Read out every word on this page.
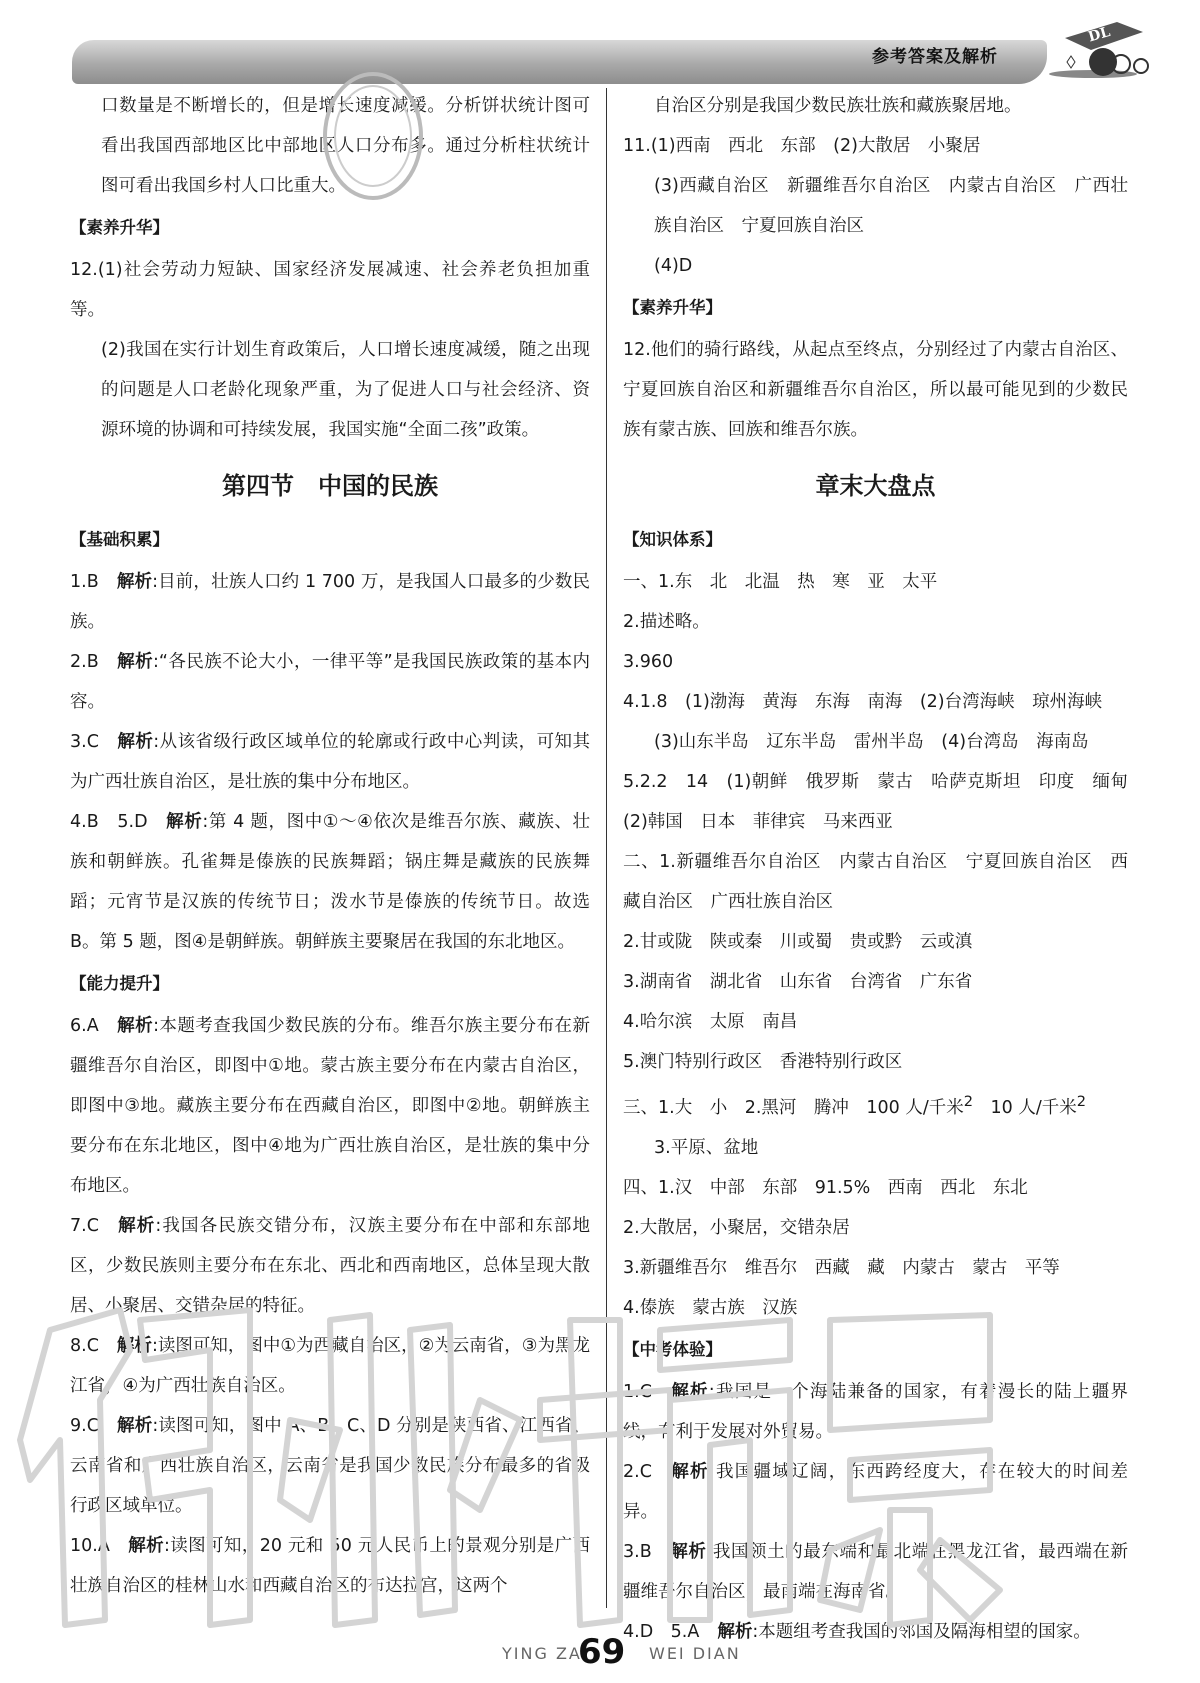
参考答案及解析
DL

口数量是不断增长的，但是增长速度减缓。分析饼状统计图可看出我国西部地区比中部地区人口分布多。通过分析柱状统计图可看出我国乡村人口比重大。

【素养升华】

12.(1)社会劳动力短缺、国家经济发展减速、社会养老负担加重等。

(2)我国在实行计划生育政策后，人口增长速度减缓，随之出现的问题是人口老龄化现象严重，为了促进人口与社会经济、资源环境的协调和可持续发展，我国实施“全面二孩”政策。

第四节　中国的民族

【基础积累】

1.B 解析:目前，壮族人口约 1 700 万，是我国人口最多的少数民族。

2.B 解析:“各民族不论大小，一律平等”是我国民族政策的基本内容。

3.C 解析:从该省级行政区域单位的轮廓或行政中心判读，可知其为广西壮族自治区，是壮族的集中分布地区。

4.B　5.D 解析:第 4 题，图中①～④依次是维吾尔族、藏族、壮族和朝鲜族。孔雀舞是傣族的民族舞蹈；锅庄舞是藏族的民族舞蹈；元宵节是汉族的传统节日；泼水节是傣族的传统节日。故选 B。第 5 题，图④是朝鲜族。朝鲜族主要聚居在我国的东北地区。

【能力提升】

6.A 解析:本题考查我国少数民族的分布。维吾尔族主要分布在新疆维吾尔自治区，即图中①地。蒙古族主要分布在内蒙古自治区，即图中③地。藏族主要分布在西藏自治区，即图中②地。朝鲜族主要分布在东北地区，图中④地为广西壮族自治区，是壮族的集中分布地区。

7.C 解析:我国各民族交错分布，汉族主要分布在中部和东部地区，少数民族则主要分布在东北、西北和西南地区，总体呈现大散居、小聚居、交错杂居的特征。

8.C 解析:读图可知，图中①为西藏自治区，②为云南省，③为黑龙江省，④为广西壮族自治区。

9.C 解析:读图可知，图中 A、B、C、D 分别是陕西省、江西省、云南省和广西壮族自治区，云南省是我国少数民族分布最多的省级行政区域单位。

10.A 解析:读图可知，20 元和 50 元人民币上的景观分别是广西壮族自治区的桂林山水和西藏自治区的布达拉宫，这两个

自治区分别是我国少数民族壮族和藏族聚居地。

11.(1)西南　西北　东部　(2)大散居　小聚居

(3)西藏自治区　新疆维吾尔自治区　内蒙古自治区　广西壮族自治区　宁夏回族自治区

(4)D

【素养升华】

12.他们的骑行路线，从起点至终点，分别经过了内蒙古自治区、宁夏回族自治区和新疆维吾尔自治区，所以最可能见到的少数民族有蒙古族、回族和维吾尔族。

章末大盘点

【知识体系】

一、1.东　北　北温　热　寒　亚　太平

2.描述略。

3.960

4.1.8　(1)渤海　黄海　东海　南海　(2)台湾海峡　琼州海峡

(3)山东半岛　辽东半岛　雷州半岛　(4)台湾岛　海南岛

5.2.2　14　(1)朝鲜　俄罗斯　蒙古　哈萨克斯坦　印度　缅甸　(2)韩国　日本　菲律宾　马来西亚

二、1.新疆维吾尔自治区　内蒙古自治区　宁夏回族自治区　西藏自治区　广西壮族自治区

2.甘或陇　陕或秦　川或蜀　贵或黔　云或滇

3.湖南省　湖北省　山东省　台湾省　广东省

4.哈尔滨　太原　南昌

5.澳门特别行政区　香港特别行政区

三、1.大　小　2.黑河　腾冲　100 人/千米$^2$　10 人/千米$^2$

3.平原、盆地

四、1.汉　中部　东部　91.5%　西南　西北　东北

2.大散居，小聚居，交错杂居

3.新疆维吾尔　维吾尔　西藏　藏　内蒙古　蒙古　平等

4.傣族　蒙古族　汉族

【中考体验】

1.C 解析:我国是一个海陆兼备的国家，有着漫长的陆上疆界线，有利于发展对外贸易。

2.C 解析:我国疆域辽阔，东西跨经度大，存在较大的时间差异。

3.B 解析:我国领土的最东端和最北端在黑龙江省，最西端在新疆维吾尔自治区，最南端在海南省。

4.D　5.A 解析:本题组考查我国的邻国及隔海相望的国家。

YING ZAI
69 WEI DIAN
